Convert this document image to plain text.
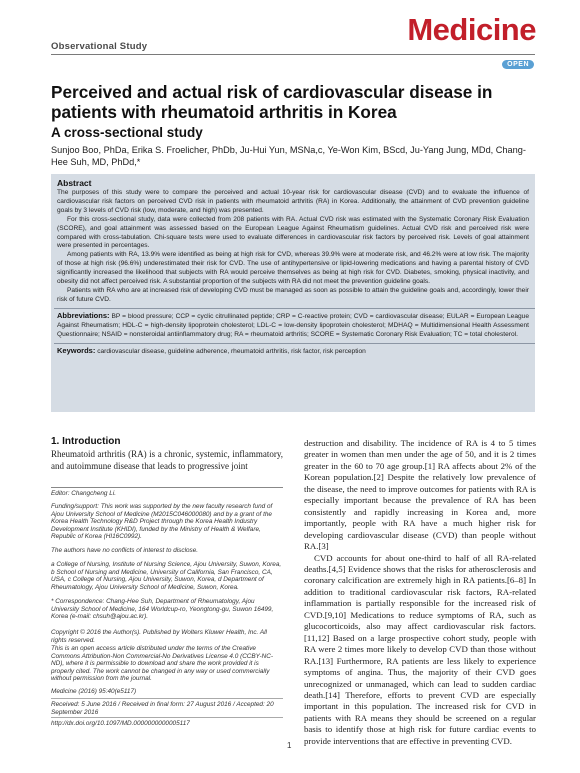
Observational Study	Medicine
OPEN
Perceived and actual risk of cardiovascular disease in patients with rheumatoid arthritis in Korea
A cross-sectional study
Sunjoo Boo, PhDa, Erika S. Froelicher, PhDb, Ju-Hui Yun, MSNa,c, Ye-Won Kim, BScd, Ju-Yang Jung, MDd, Chang-Hee Suh, MD, PhDd,*
Abstract

The purposes of this study were to compare the perceived and actual 10-year risk for cardiovascular disease (CVD) and to evaluate the influence of cardiovascular risk factors on perceived CVD risk in patients with rheumatoid arthritis (RA) in Korea. Additionally, the attainment of CVD prevention guideline goals by 3 levels of CVD risk (low, moderate, and high) was presented.

For this cross-sectional study, data were collected from 208 patients with RA. Actual CVD risk was estimated with the Systematic Coronary Risk Evaluation (SCORE), and goal attainment was assessed based on the European League Against Rheumatism guidelines. Actual CVD risk and perceived risk were compared with cross-tabulation. Chi-square tests were used to evaluate differences in cardiovascular risk factors by perceived risk. Levels of goal attainment were presented in percentages.

Among patients with RA, 13.9% were identified as being at high risk for CVD, whereas 39.9% were at moderate risk, and 46.2% were at low risk. The majority of those at high risk (96.6%) underestimated their risk for CVD. The use of antihypertensive or lipid-lowering medications and having a parental history of CVD significantly increased the likelihood that subjects with RA would perceive themselves as being at high risk for CVD. Diabetes, smoking, physical inactivity, and obesity did not affect perceived risk. A substantial proportion of the subjects with RA did not meet the prevention guideline goals.

Patients with RA who are at increased risk of developing CVD must be managed as soon as possible to attain the guideline goals and, accordingly, lower their risk of future CVD.

Abbreviations: BP = blood pressure; CCP = cyclic citrullinated peptide; CRP = C-reactive protein; CVD = cardiovascular disease; EULAR = European League Against Rheumatism; HDL-C = high-density lipoprotein cholesterol; LDL-C = low-density lipoprotein cholesterol; MDHAQ = Multidimensional Health Assessment Questionnaire; NSAID = nonsteroidal antiinflammatory drug; RA = rheumatoid arthritis; SCORE = Systematic Coronary Risk Evaluation; TC = total cholesterol.

Keywords: cardiovascular disease, guideline adherence, rheumatoid arthritis, risk factor, risk perception

1. Introduction
Rheumatoid arthritis (RA) is a chronic, systemic, inflammatory, and autoimmune disease that leads to progressive joint
Editor: Changcheng Li.
Funding/support: This work was supported by the new faculty research fund of Ajou University School of Medicine (M2015C046000080) and by a grant of the Korea Health Technology R&D Project through the Korea Health Industry Development Institute (KHIDI), funded by the Ministry of Health & Welfare, Republic of Korea (HI16C0992).
The authors have no conflicts of interest to disclose.
a College of Nursing, Institute of Nursing Science, Ajou University, Suwon, Korea, b School of Nursing and Medicine, University of California, San Francisco, CA, USA, c College of Nursing, Ajou University, Suwon, Korea, d Department of Rheumatology, Ajou University School of Medicine, Suwon, Korea.
* Correspondence: Chang-Hee Suh, Department of Rheumatology, Ajou University School of Medicine, 164 Worldcup-ro, Yeongtong-gu, Suwon 16499, Korea (e-mail: chsuh@ajou.ac.kr).
Copyright © 2016 the Author(s). Published by Wolters Kluwer Health, Inc. All rights reserved.
This is an open access article distributed under the terms of the Creative Commons Attribution-Non Commercial-No Derivatives License 4.0 (CCBY-NC-ND), where it is permissible to download and share the work provided it is properly cited. The work cannot be changed in any way or used commercially without permission from the journal.
Medicine (2016) 95:40(e5117)
Received: 5 June 2016 / Received in final form: 27 August 2016 / Accepted: 20 September 2016
http://dx.doi.org/10.1097/MD.0000000000005117

destruction and disability. The incidence of RA is 4 to 5 times greater in women than men under the age of 50, and it is 2 times greater in the 60 to 70 age group.[1] RA affects about 2% of the Korean population.[2] Despite the relatively low prevalence of the disease, the need to improve outcomes for patients with RA is especially important because the prevalence of RA has been consistently and rapidly increasing in Korea and, more importantly, people with RA have a much higher risk for developing cardiovascular disease (CVD) than people without RA.[3]

CVD accounts for about one-third to half of all RA-related deaths.[4,5] Evidence shows that the risks for atherosclerosis and coronary calcification are extremely high in RA patients.[6–8] In addition to traditional cardiovascular risk factors, RA-related inflammation is partially responsible for the increased risk of CVD.[9,10] Medications to reduce symptoms of RA, such as glucocorticoids, also may affect cardiovascular risk factors.[11,12] Based on a large prospective cohort study, people with RA were 2 times more likely to develop CVD than those without RA.[13] Furthermore, RA patients are less likely to experience symptoms of angina. Thus, the majority of their CVD goes unrecognized or unmanaged, which can lead to sudden cardiac death.[14] Therefore, efforts to prevent CVD are especially important in this population. The increased risk for CVD in patients with RA means they should be screened on a regular basis to identify those at high risk for future cardiac events to provide interventions that are effective in preventing CVD.

1
